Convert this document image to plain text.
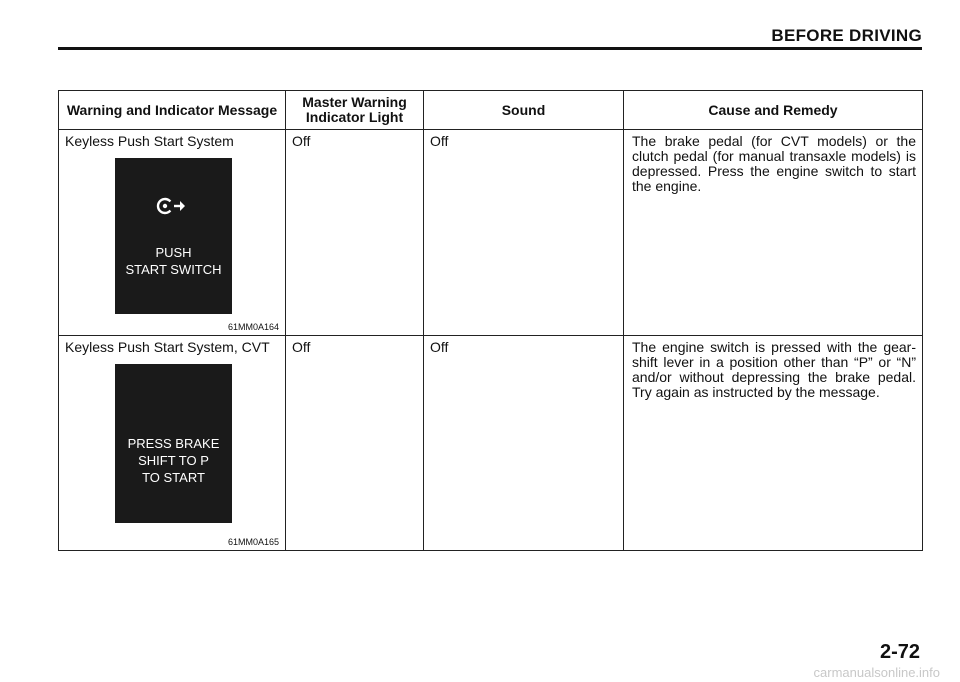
BEFORE DRIVING
Warning and Indicator Message	Master Warning Indicator Light	Sound	Cause and Remedy

Keyless Push Start System
PUSH
START SWITCH
61MM0A164	Off	Off	The brake pedal (for CVT models) or the clutch pedal (for manual transaxle models) is depressed. Press the engine switch to start the engine.

Keyless Push Start System, CVT
PRESS BRAKE
SHIFT TO P
TO START
61MM0A165	Off	Off	The engine switch is pressed with the gear-shift lever in a position other than “P” or “N” and/or without depressing the brake pedal. Try again as instructed by the message.
2-72
carmanualsonline.info
